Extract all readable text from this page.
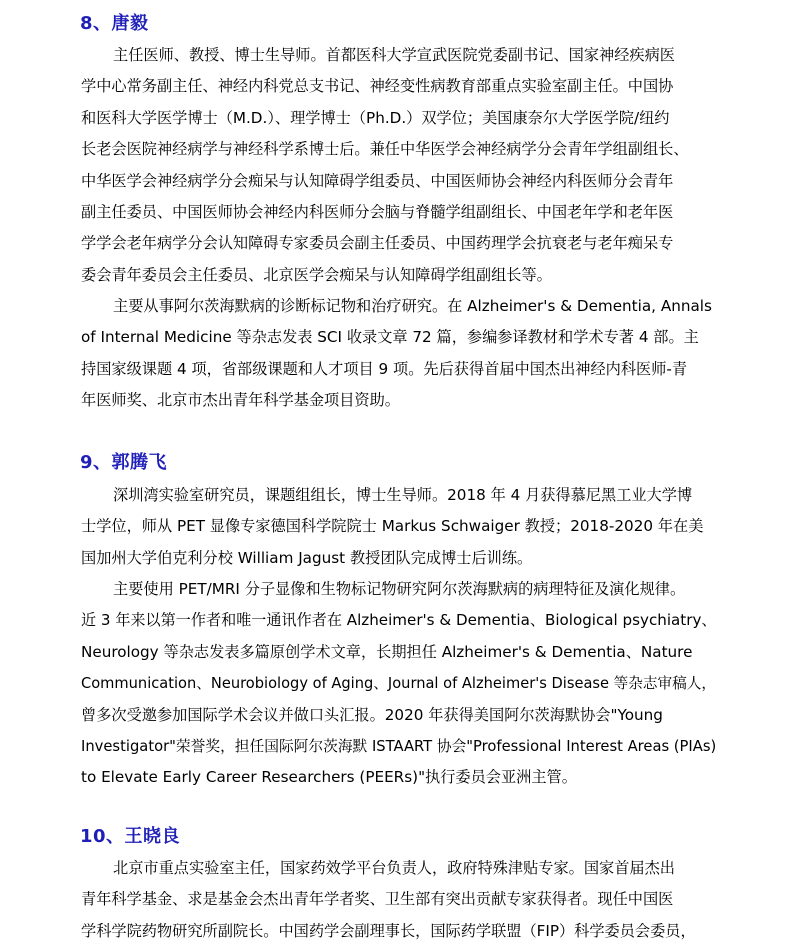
8、唐毅
主任医师、教授、博士生导师。首都医科大学宣武医院党委副书记、国家神经疾病医
学中心常务副主任、神经内科党总支书记、神经变性病教育部重点实验室副主任。中国协
和医科大学医学博士（M.D.）、理学博士（Ph.D.）双学位；美国康奈尔大学医学院/纽约
长老会医院神经病学与神经科学系博士后。兼任中华医学会神经病学分会青年学组副组长、
中华医学会神经病学分会痴呆与认知障碍学组委员、中国医师协会神经内科医师分会青年
副主任委员、中国医师协会神经内科医师分会脑与脊髓学组副组长、中国老年学和老年医
学学会老年病学分会认知障碍专家委员会副主任委员、中国药理学会抗衰老与老年痴呆专
委会青年委员会主任委员、北京医学会痴呆与认知障碍学组副组长等。
主要从事阿尔茨海默病的诊断标记物和治疗研究。在 Alzheimer's & Dementia, Annals
of Internal Medicine 等杂志发表 SCI 收录文章 72 篇，参编参译教材和学术专著 4 部。主
持国家级课题 4 项，省部级课题和人才项目 9 项。先后获得首届中国杰出神经内科医师-青
年医师奖、北京市杰出青年科学基金项目资助。
9、郭腾飞
深圳湾实验室研究员，课题组组长，博士生导师。2018 年 4 月获得慕尼黑工业大学博
士学位，师从 PET 显像专家德国科学院院士 Markus Schwaiger 教授；2018-2020 年在美
国加州大学伯克利分校 William Jagust 教授团队完成博士后训练。
主要使用 PET/MRI 分子显像和生物标记物研究阿尔茨海默病的病理特征及演化规律。
近 3 年来以第一作者和唯一通讯作者在 Alzheimer's & Dementia、Biological psychiatry、
Neurology 等杂志发表多篇原创学术文章，长期担任 Alzheimer's & Dementia、Nature
Communication、Neurobiology of Aging、Journal of Alzheimer's Disease 等杂志审稿人，
曾多次受邀参加国际学术会议并做口头汇报。2020 年获得美国阿尔茨海默协会"Young
Investigator"荣誉奖，担任国际阿尔茨海默 ISTAART 协会"Professional Interest Areas (PIAs)
to Elevate Early Career Researchers (PEERs)"执行委员会亚洲主管。
10、王晓良
北京市重点实验室主任，国家药效学平台负责人，政府特殊津贴专家。国家首届杰出
青年科学基金、求是基金会杰出青年学者奖、卫生部有突出贡献专家获得者。现任中国医
学科学院药物研究所副院长。中国药学会副理事长，国际药学联盟（FIP）科学委员会委员，
